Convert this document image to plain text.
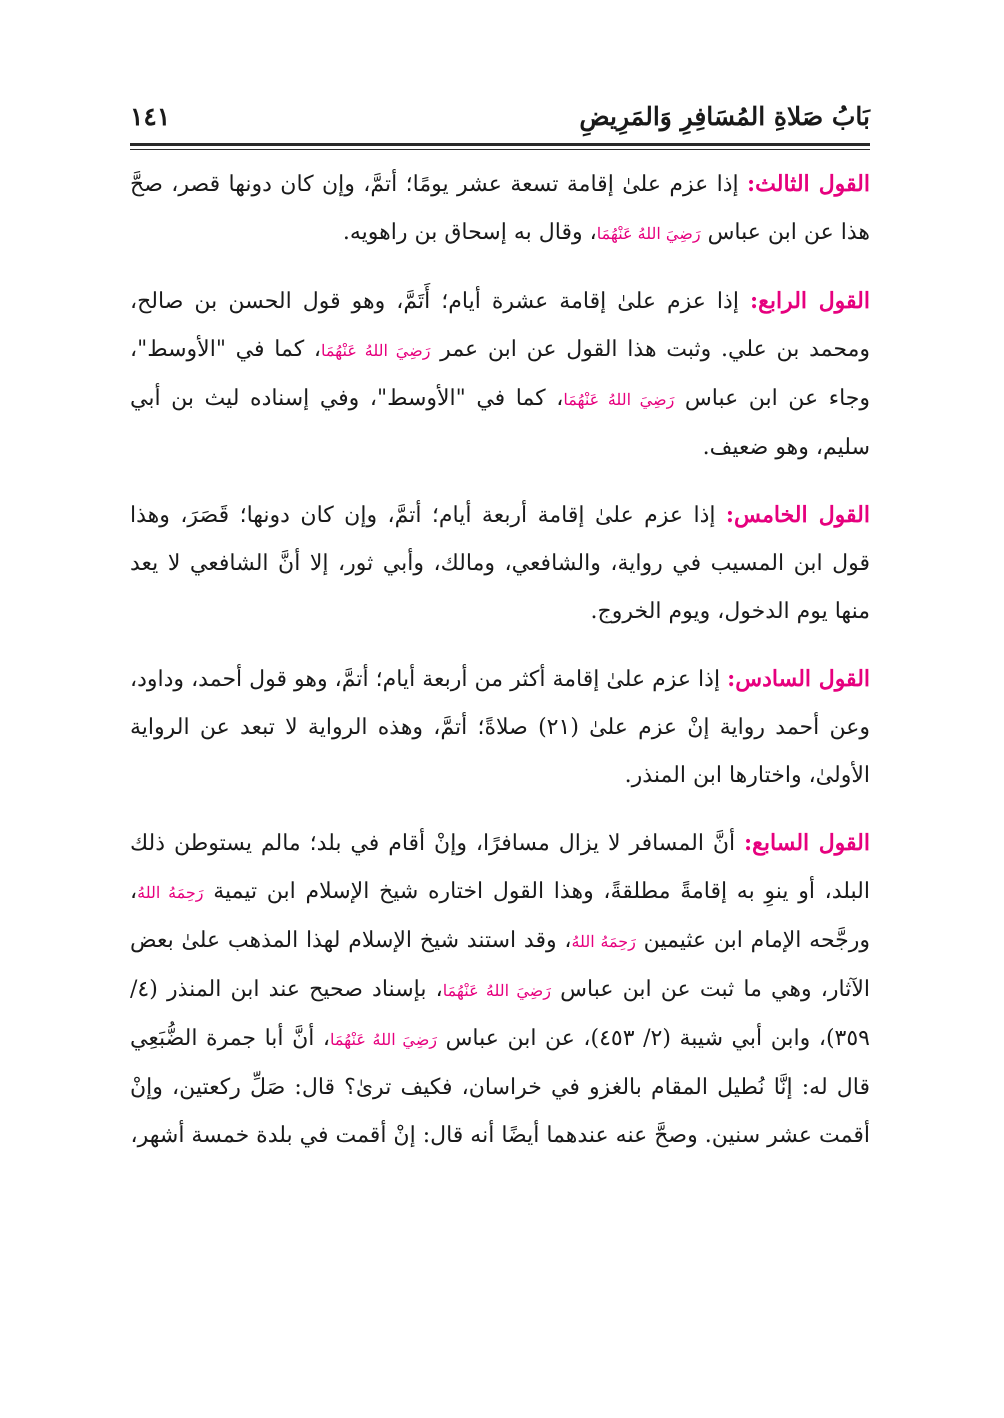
بَابُ صَلاةِ المُسَافِرِ وَالمَرِيضِ
١٤١

القول الثالث: إذا عزم علىٰ إقامة تسعة عشر يومًا؛ أتمَّ، وإن كان دونها قصر، صحَّ هذا عن ابن عباس رَضِيَ اللهُ عَنْهُمَا، وقال به إسحاق بن راهويه.

القول الرابع: إذا عزم علىٰ إقامة عشرة أيام؛ أَتَمَّ، وهو قول الحسن بن صالح، ومحمد بن علي. وثبت هذا القول عن ابن عمر رَضِيَ اللهُ عَنْهُمَا، كما في "الأوسط"، وجاء عن ابن عباس رَضِيَ اللهُ عَنْهُمَا، كما في "الأوسط"، وفي إسناده ليث بن أبي سليم، وهو ضعيف.

القول الخامس: إذا عزم علىٰ إقامة أربعة أيام؛ أتمَّ، وإن كان دونها؛ قَصَرَ، وهذا قول ابن المسيب في رواية، والشافعي، ومالك، وأبي ثور، إلا أنَّ الشافعي لا يعد منها يوم الدخول، ويوم الخروج.

القول السادس: إذا عزم علىٰ إقامة أكثر من أربعة أيام؛ أتمَّ، وهو قول أحمد، وداود، وعن أحمد رواية إنْ عزم علىٰ (٢١) صلاةً؛ أتمَّ، وهذه الرواية لا تبعد عن الرواية الأولىٰ، واختارها ابن المنذر.

القول السابع: أنَّ المسافر لا يزال مسافرًا، وإنْ أقام في بلد؛ مالم يستوطن ذلك البلد، أو ينوِ به إقامةً مطلقةً، وهذا القول اختاره شيخ الإسلام ابن تيمية رَحِمَهُ اللهُ، ورجَّحه الإمام ابن عثيمين رَحِمَهُ اللهُ، وقد استند شيخ الإسلام لهذا المذهب علىٰ بعض الآثار، وهي ما ثبت عن ابن عباس رَضِيَ اللهُ عَنْهُمَا، بإسناد صحيح عند ابن المنذر (٤/ ٣٥٩)، وابن أبي شيبة (٢/ ٤٥٣)، عن ابن عباس رَضِيَ اللهُ عَنْهُمَا، أنَّ أبا جمرة الضُّبَعِي قال له: إنَّا نُطيل المقام بالغزو في خراسان، فكيف ترىٰ؟ قال: صَلِّ ركعتين، وإنْ أقمت عشر سنين. وصحَّ عنه عندهما أيضًا أنه قال: إنْ أقمت في بلدة خمسة أشهر،
